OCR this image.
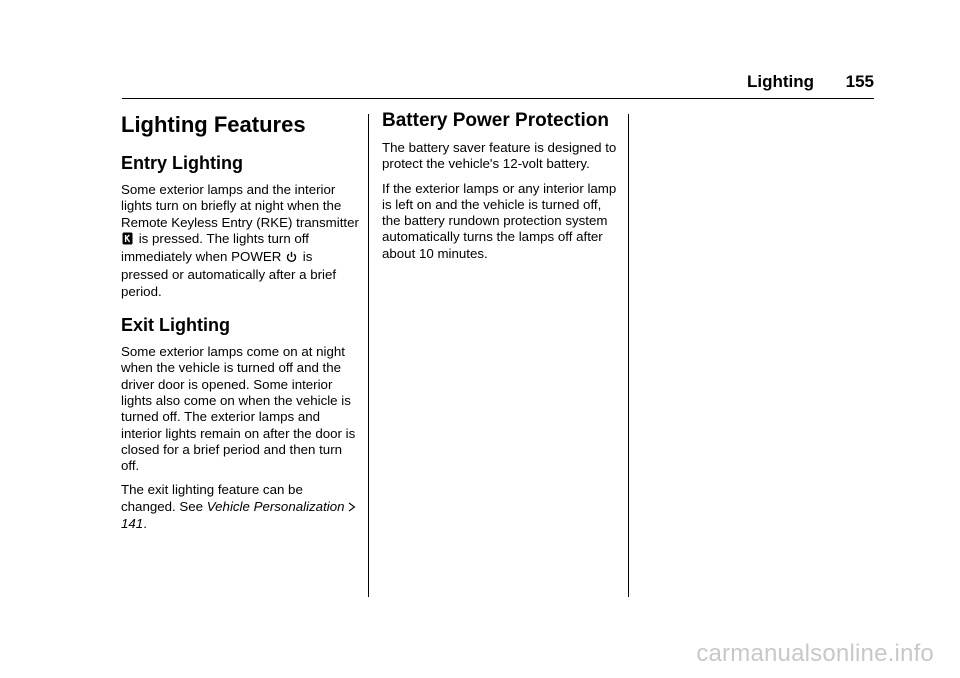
Lighting 155
Lighting Features
Entry Lighting

Some exterior lamps and the interior lights turn on briefly at night when the Remote Keyless Entry (RKE) transmitter  is pressed. The lights turn off immediately when POWER is pressed or automatically after a brief period.

Exit Lighting

Some exterior lamps come on at night when the vehicle is turned off and the driver door is opened. Some interior lights also come on when the vehicle is turned off. The exterior lamps and interior lights remain on after the door is closed for a brief period and then turn off.

The exit lighting feature can be changed. See Vehicle Personalization141.

Battery Power Protection

The battery saver feature is designed to protect the vehicle's 12-volt battery.

If the exterior lamps or any interior lamp is left on and the vehicle is turned off, the battery rundown protection system automatically turns the lamps off after about 10 minutes.

carmanualsonline.info
